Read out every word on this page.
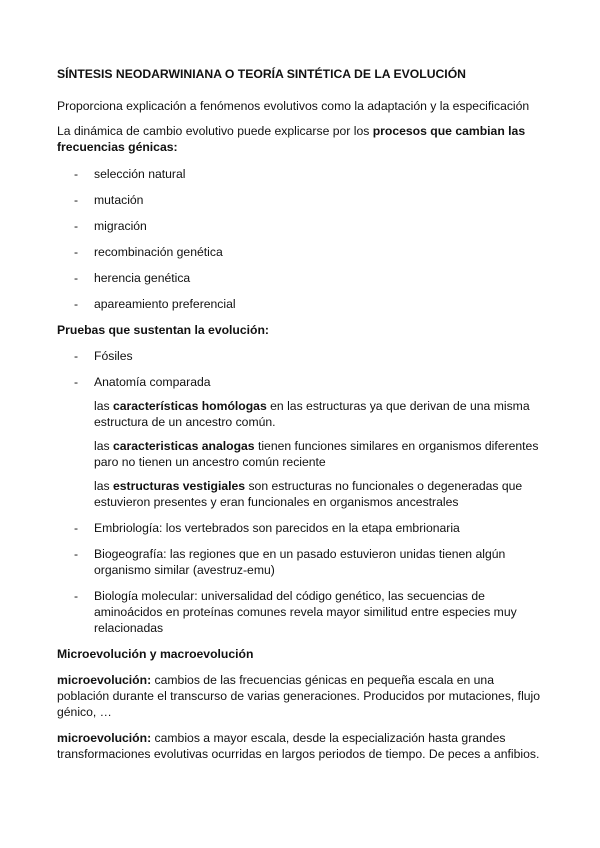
SÍNTESIS NEODARWINIANA O TEORÍA SINTÉTICA DE LA EVOLUCIÓN

Proporciona explicación a fenómenos evolutivos como la adaptación y la especificación

La dinámica de cambio evolutivo puede explicarse por los procesos que cambian las frecuencias génicas:

- selección natural
- mutación
- migración
- recombinación genética
- herencia genética
- apareamiento preferencial

Pruebas que sustentan la evolución:

- Fósiles
- Anatomía comparada

las características homólogas en las estructuras ya que derivan de una misma estructura de un ancestro común.

las caracteristicas analogas tienen funciones similares en organismos diferentes paro no tienen un ancestro común reciente

las estructuras vestigiales son estructuras no funcionales o degeneradas que estuvieron presentes y eran funcionales en organismos ancestrales

- Embriología: los vertebrados son parecidos en la etapa embrionaria
- Biogeografía: las regiones que en un pasado estuvieron unidas tienen algún organismo similar (avestruz-emu)
- Biología molecular: universalidad del código genético, las secuencias de aminoácidos en proteínas comunes revela mayor similitud entre especies muy relacionadas

Microevolución y macroevolución

microevolución: cambios de las frecuencias génicas en pequeña escala en una población durante el transcurso de varias generaciones. Producidos por mutaciones, flujo génico, …

microevolución: cambios a mayor escala, desde la especialización hasta grandes transformaciones evolutivas ocurridas en largos periodos de tiempo. De peces a anfibios.
